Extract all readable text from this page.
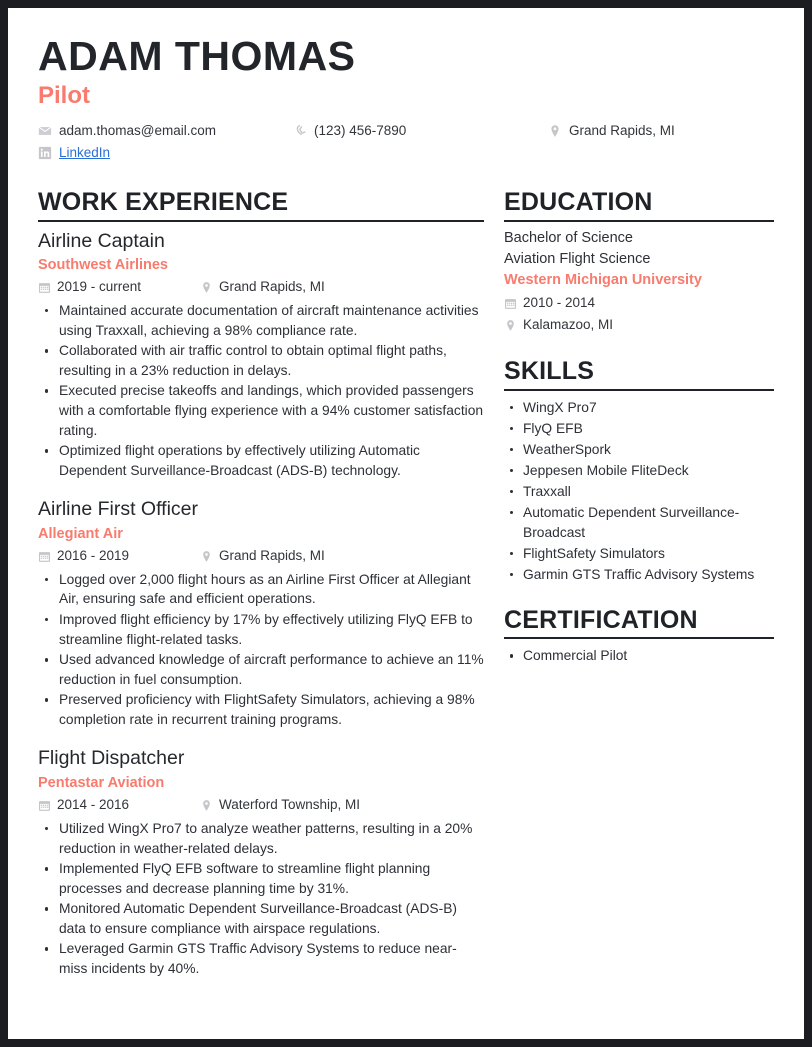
ADAM THOMAS
Pilot
adam.thomas@email.com	(123) 456-7890	Grand Rapids, MI
LinkedIn
WORK EXPERIENCE
Airline Captain
Southwest Airlines
2019 - current	Grand Rapids, MI
Maintained accurate documentation of aircraft maintenance activities using Traxxall, achieving a 98% compliance rate.
Collaborated with air traffic control to obtain optimal flight paths, resulting in a 23% reduction in delays.
Executed precise takeoffs and landings, which provided passengers with a comfortable flying experience with a 94% customer satisfaction rating.
Optimized flight operations by effectively utilizing Automatic Dependent Surveillance-Broadcast (ADS-B) technology.
Airline First Officer
Allegiant Air
2016 - 2019	Grand Rapids, MI
Logged over 2,000 flight hours as an Airline First Officer at Allegiant Air, ensuring safe and efficient operations.
Improved flight efficiency by 17% by effectively utilizing FlyQ EFB to streamline flight-related tasks.
Used advanced knowledge of aircraft performance to achieve an 11% reduction in fuel consumption.
Preserved proficiency with FlightSafety Simulators, achieving a 98% completion rate in recurrent training programs.
Flight Dispatcher
Pentastar Aviation
2014 - 2016	Waterford Township, MI
Utilized WingX Pro7 to analyze weather patterns, resulting in a 20% reduction in weather-related delays.
Implemented FlyQ EFB software to streamline flight planning processes and decrease planning time by 31%.
Monitored Automatic Dependent Surveillance-Broadcast (ADS-B) data to ensure compliance with airspace regulations.
Leveraged Garmin GTS Traffic Advisory Systems to reduce near-miss incidents by 40%.
EDUCATION
Bachelor of Science
Aviation Flight Science
Western Michigan University
2010 - 2014
Kalamazoo, MI
SKILLS
WingX Pro7
FlyQ EFB
WeatherSpork
Jeppesen Mobile FliteDeck
Traxxall
Automatic Dependent Surveillance-Broadcast
FlightSafety Simulators
Garmin GTS Traffic Advisory Systems
CERTIFICATION
Commercial Pilot
